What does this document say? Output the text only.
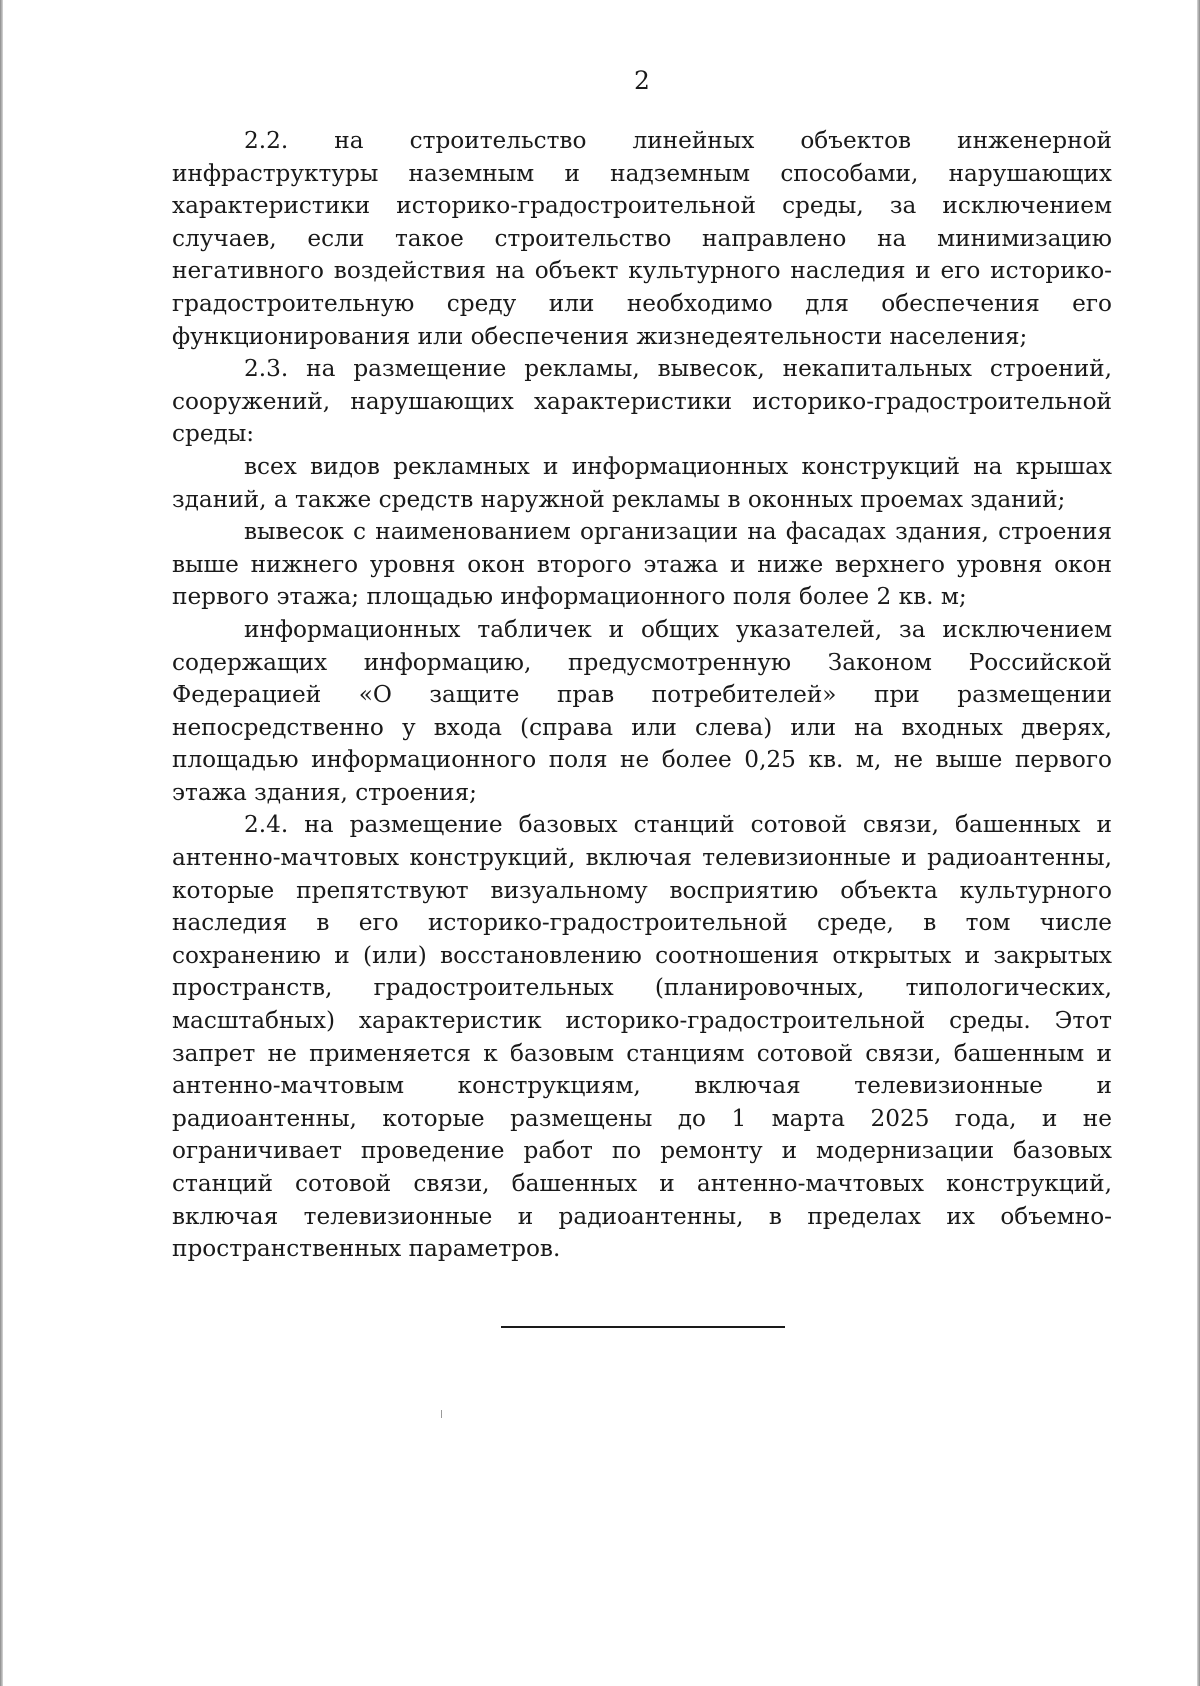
2

2.2. на строительство линейных объектов инженерной инфраструктуры наземным и надземным способами, нарушающих характеристики историко-градостроительной среды, за исключением случаев, если такое строительство направлено на минимизацию негативного воздействия на объект культурного наследия и его историко-градостроительную среду или необходимо для обеспечения его функционирования или обеспечения жизнедеятельности населения;

2.3. на размещение рекламы, вывесок, некапитальных строений, сооружений, нарушающих характеристики историко-градостроительной среды:

всех видов рекламных и информационных конструкций на крышах зданий, а также средств наружной рекламы в оконных проемах зданий;

вывесок с наименованием организации на фасадах здания, строения выше нижнего уровня окон второго этажа и ниже верхнего уровня окон первого этажа; площадью информационного поля более 2 кв. м;

информационных табличек и общих указателей, за исключением содержащих информацию, предусмотренную Законом Российской Федерацией «О защите прав потребителей» при размещении непосредственно у входа (справа или слева) или на входных дверях, площадью информационного поля не более 0,25 кв. м, не выше первого этажа здания, строения;

2.4. на размещение базовых станций сотовой связи, башенных и антенно-мачтовых конструкций, включая телевизионные и радиоантенны, которые препятствуют визуальному восприятию объекта культурного наследия в его историко-градостроительной среде, в том числе сохранению и (или) восстановлению соотношения открытых и закрытых пространств, градостроительных (планировочных, типологических, масштабных) характеристик историко-градостроительной среды. Этот запрет не применяется к базовым станциям сотовой связи, башенным и антенно-мачтовым конструкциям, включая телевизионные и радиоантенны, которые размещены до 1 марта 2025 года, и не ограничивает проведение работ по ремонту и модернизации базовых станций сотовой связи, башенных и антенно-мачтовых конструкций, включая телевизионные и радиоантенны, в пределах их объемно-пространственных параметров.
